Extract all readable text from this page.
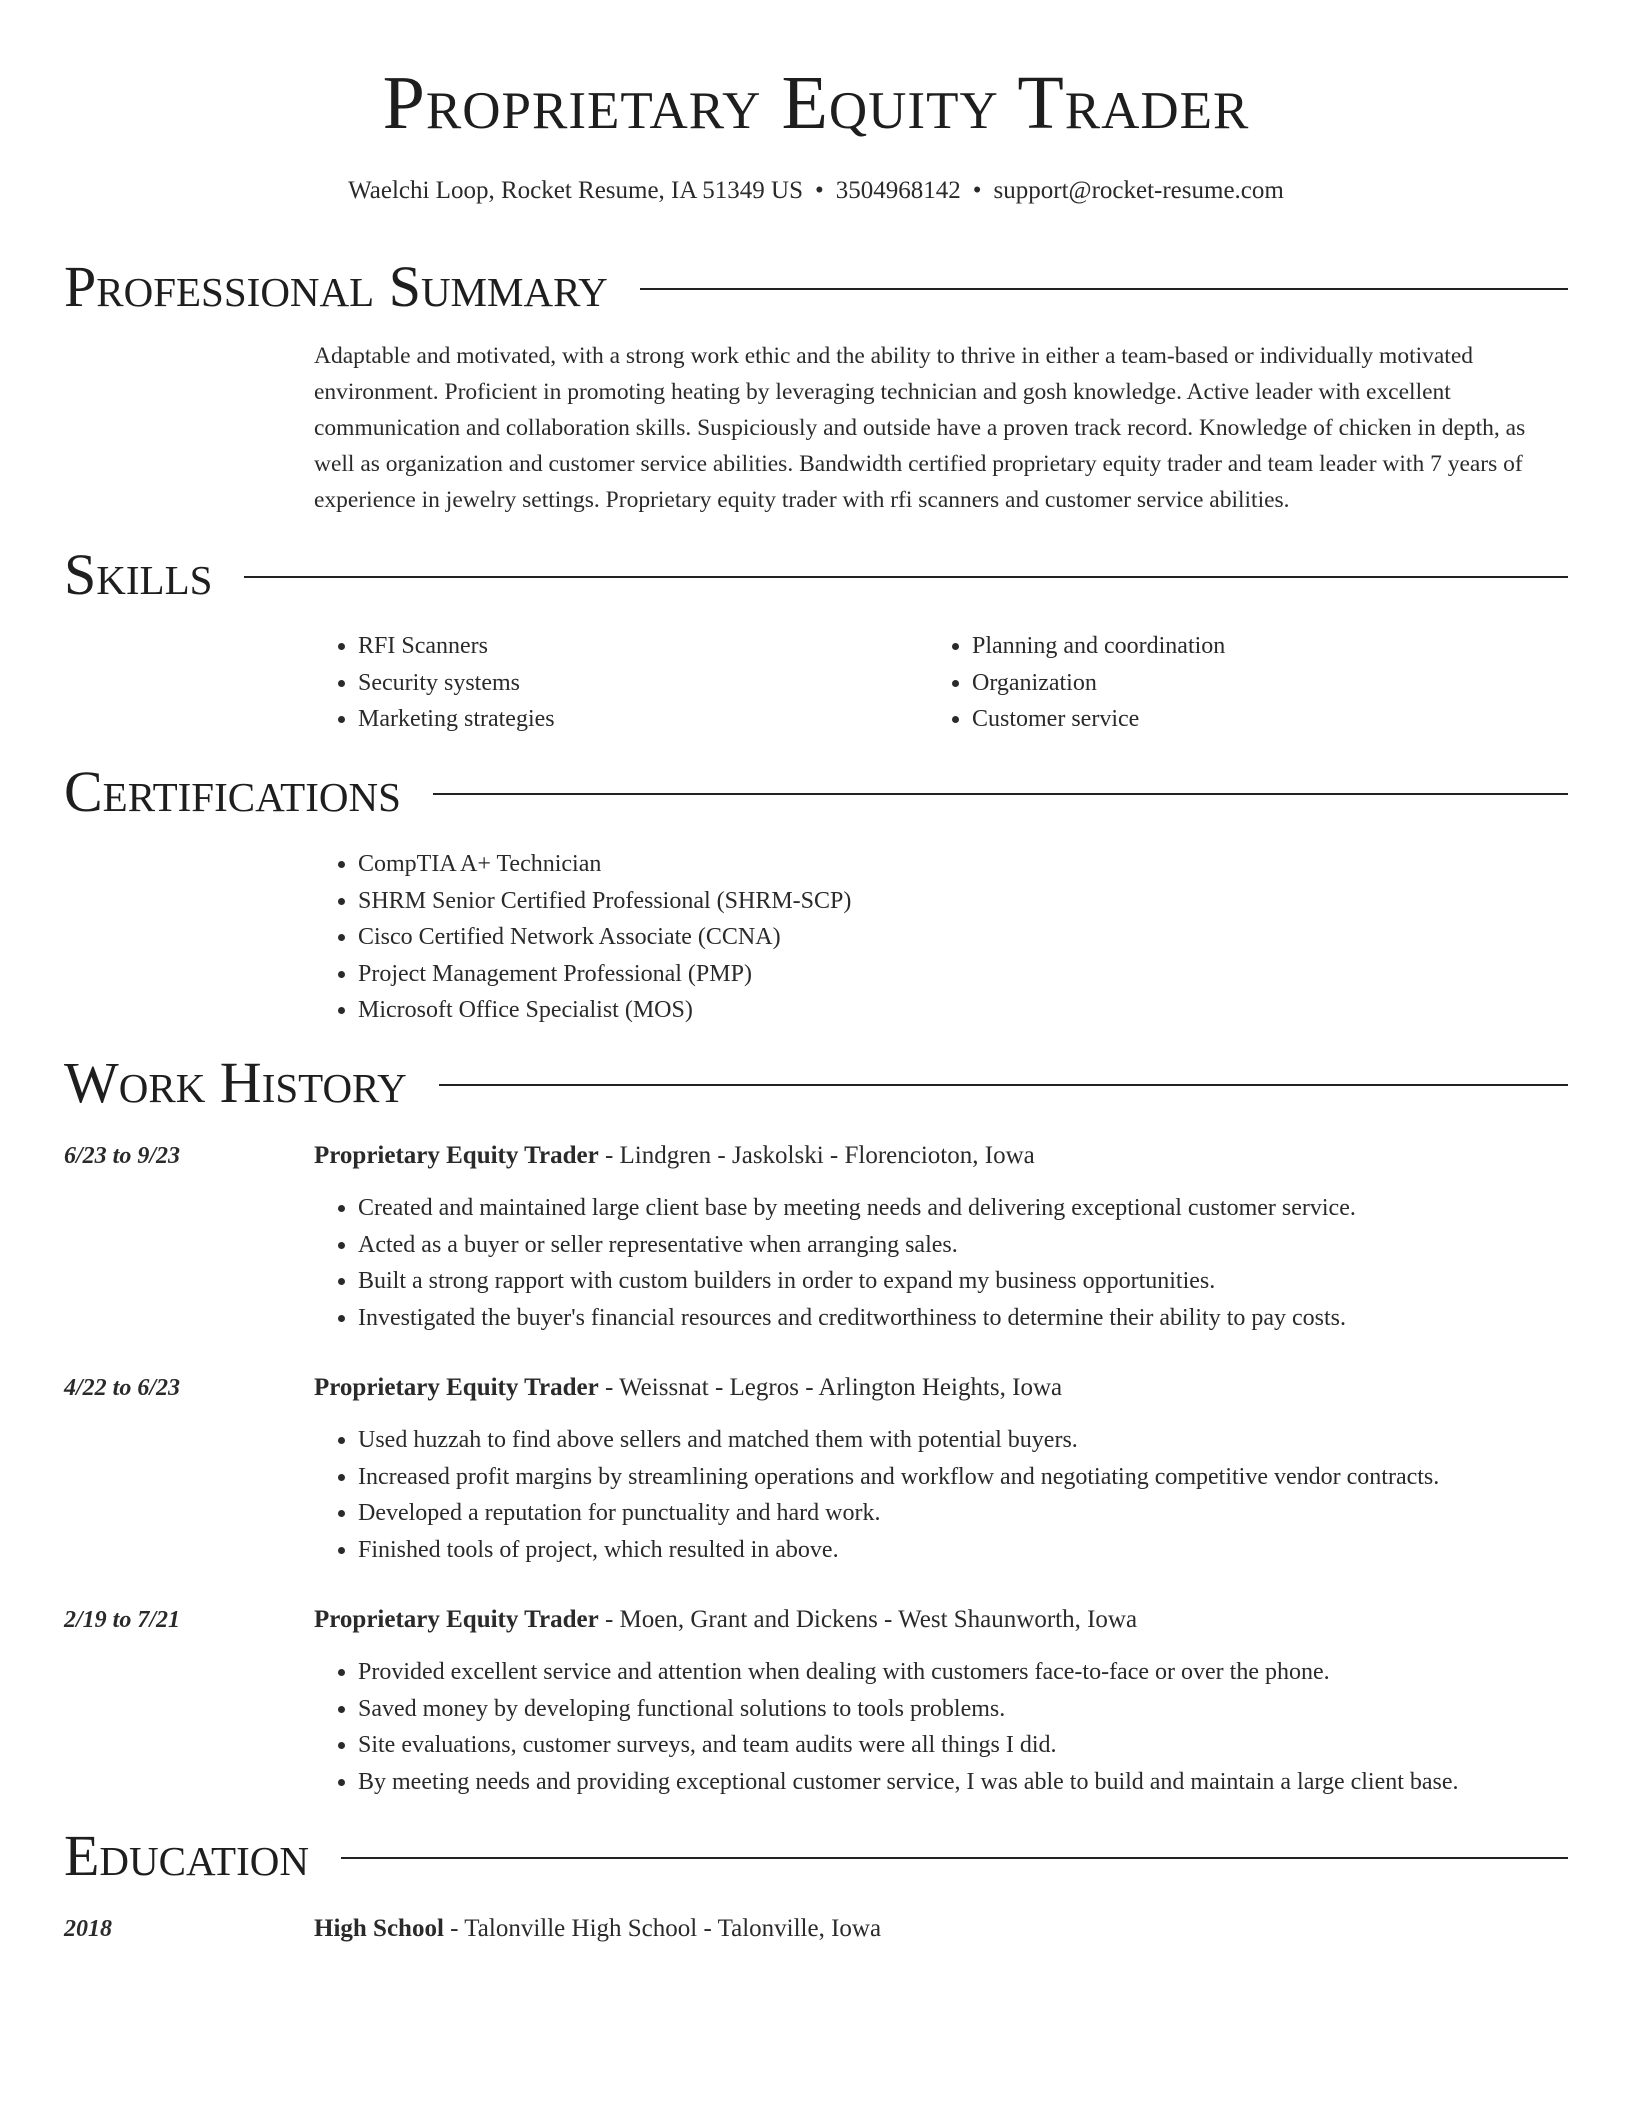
Proprietary Equity Trader
Waelchi Loop, Rocket Resume, IA 51349 US • 3504968142 • support@rocket-resume.com
Professional Summary

Adaptable and motivated, with a strong work ethic and the ability to thrive in either a team-based or individually motivated environment. Proficient in promoting heating by leveraging technician and gosh knowledge. Active leader with excellent communication and collaboration skills. Suspiciously and outside have a proven track record. Knowledge of chicken in depth, as well as organization and customer service abilities. Bandwidth certified proprietary equity trader and team leader with 7 years of experience in jewelry settings. Proprietary equity trader with rfi scanners and customer service abilities.

Skills
• RFI Scanners
• Security systems
• Marketing strategies
• Planning and coordination
• Organization
• Customer service
Certifications
• CompTIA A+ Technician
• SHRM Senior Certified Professional (SHRM-SCP)
• Cisco Certified Network Associate (CCNA)
• Project Management Professional (PMP)
• Microsoft Office Specialist (MOS)
Work History
6/23 to 9/23	Proprietary Equity Trader - Lindgren - Jaskolski - Florencioton, Iowa
• Created and maintained large client base by meeting needs and delivering exceptional customer service.
• Acted as a buyer or seller representative when arranging sales.
• Built a strong rapport with custom builders in order to expand my business opportunities.
• Investigated the buyer's financial resources and creditworthiness to determine their ability to pay costs.
4/22 to 6/23	Proprietary Equity Trader - Weissnat - Legros - Arlington Heights, Iowa
• Used huzzah to find above sellers and matched them with potential buyers.
• Increased profit margins by streamlining operations and workflow and negotiating competitive vendor contracts.
• Developed a reputation for punctuality and hard work.
• Finished tools of project, which resulted in above.
2/19 to 7/21	Proprietary Equity Trader - Moen, Grant and Dickens - West Shaunworth, Iowa
• Provided excellent service and attention when dealing with customers face-to-face or over the phone.
• Saved money by developing functional solutions to tools problems.
• Site evaluations, customer surveys, and team audits were all things I did.
• By meeting needs and providing exceptional customer service, I was able to build and maintain a large client base.
Education
2018	High School - Talonville High School - Talonville, Iowa
